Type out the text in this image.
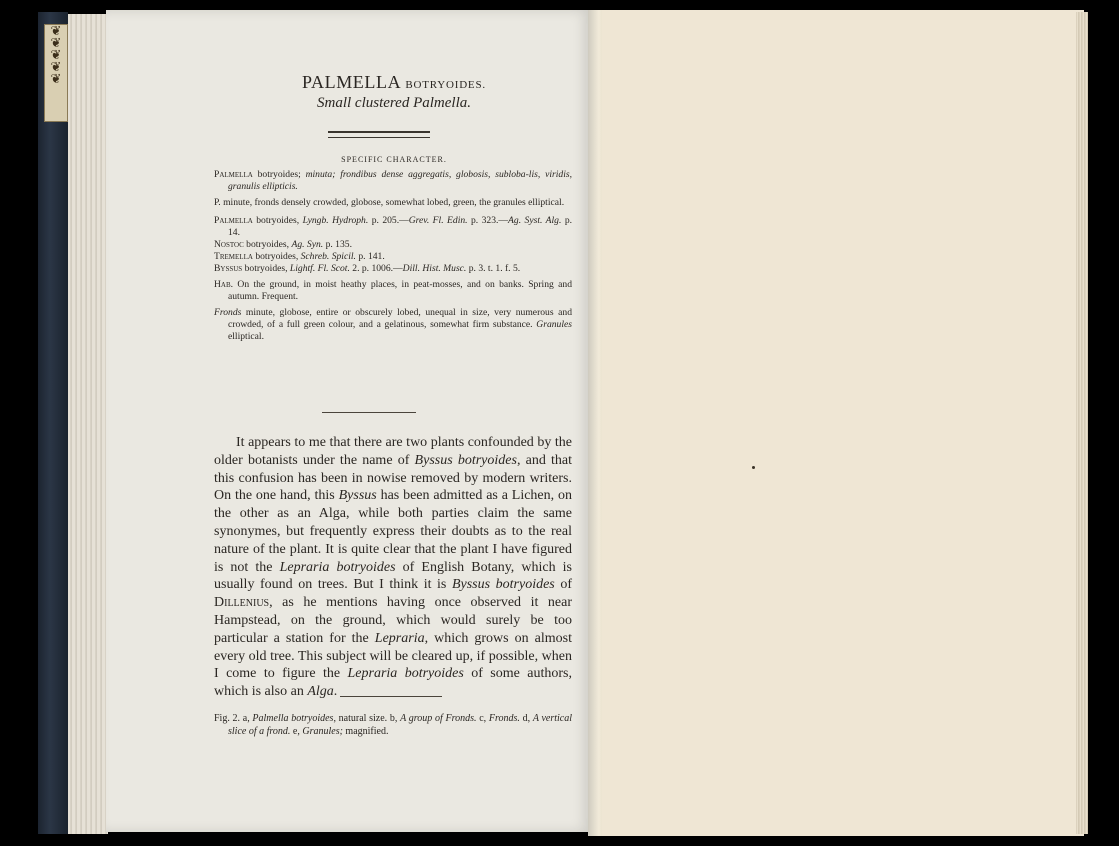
❦
❦
❦
❦
❦	PALMELLA BOTRYOIDES.
Small clustered Palmella.
SPECIFIC CHARACTER.

Palmella botryoides; minuta; frondibus dense aggregatis, globosis, subloba-lis, viridis, granulis ellipticis.

P. minute, fronds densely crowded, globose, somewhat lobed, green, the granules elliptical.

Palmella botryoides, Lyngb. Hydroph. p. 205.—Grev. Fl. Edin. p. 323.—Ag. Syst. Alg. p. 14.

Nostoc botryoides, Ag. Syn. p. 135.

Tremella botryoides, Schreb. Spicil. p. 141.

Byssus botryoides, Lightf. Fl. Scot. 2. p. 1006.—Dill. Hist. Musc. p. 3. t. 1. f. 5.

Hab. On the ground, in moist heathy places, in peat-mosses, and on banks. Spring and autumn. Frequent.

Fronds minute, globose, entire or obscurely lobed, unequal in size, very numerous and crowded, of a full green colour, and a gelatinous, somewhat firm substance. Granules elliptical.

It appears to me that there are two plants confounded by the older botanists under the name of Byssus botryoides, and that this confusion has been in nowise removed by modern writers. On the one hand, this Byssus has been admitted as a Lichen, on the other as an Alga, while both parties claim the same synonymes, but frequently express their doubts as to the real nature of the plant. It is quite clear that the plant I have figured is not the Lepraria botryoides of English Botany, which is usually found on trees. But I think it is Byssus botryoides of Dillenius, as he mentions having once observed it near Hampstead, on the ground, which would surely be too particular a station for the Lepraria, which grows on almost every old tree. This subject will be cleared up, if possible, when I come to figure the Lepraria botryoides of some authors, which is also an Alga.

Fig. 2. a, Palmella botryoides, natural size. b, A group of Fronds. c, Fronds. d, A vertical slice of a frond. e, Granules; magnified.
